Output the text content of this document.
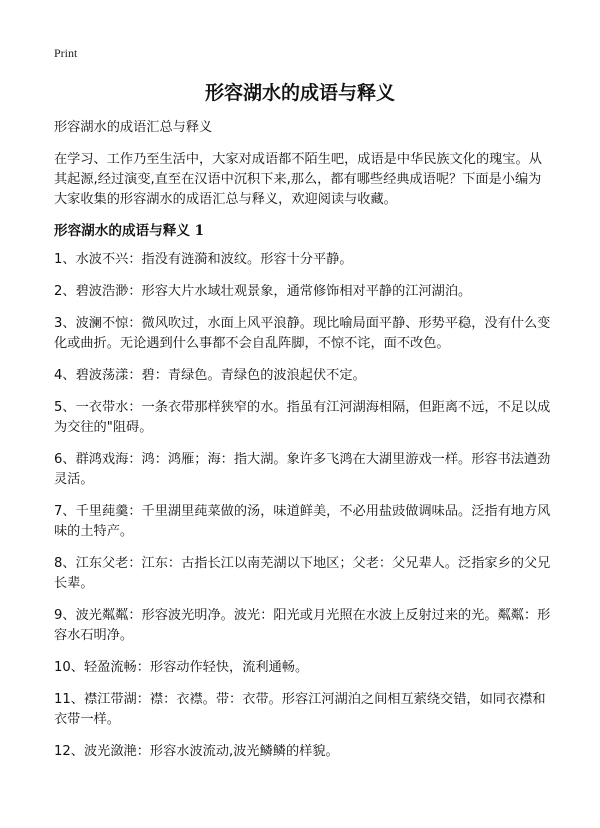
Print
形容湖水的成语与释义

形容湖水的成语汇总与释义

在学习、工作乃至生活中，大家对成语都不陌生吧，成语是中华民族文化的瑰宝。从其起源,经过演变,直至在汉语中沉积下来,那么，都有哪些经典成语呢？下面是小编为大家收集的形容湖水的成语汇总与释义，欢迎阅读与收藏。

形容湖水的成语与释义 1

1、水波不兴：指没有涟漪和波纹。形容十分平静。

2、碧波浩渺：形容大片水域壮观景象，通常修饰相对平静的江河湖泊。

3、波澜不惊：微风吹过，水面上风平浪静。现比喻局面平静、形势平稳，没有什么变化或曲折。无论遇到什么事都不会自乱阵脚，不惊不诧，面不改色。

4、碧波荡漾：碧：青绿色。青绿色的波浪起伏不定。

5、一衣带水：一条衣带那样狭窄的水。指虽有江河湖海相隔，但距离不远，不足以成为交往的"阻碍。

6、群鸿戏海：鸿：鸿雁；海：指大湖。象许多飞鸿在大湖里游戏一样。形容书法遒劲灵活。

7、千里莼羹：千里湖里莼菜做的汤，味道鲜美，不必用盐豉做调味品。泛指有地方风味的土特产。

8、江东父老：江东：古指长江以南芜湖以下地区；父老：父兄辈人。泛指家乡的父兄长辈。

9、波光粼粼：形容波光明净。波光：阳光或月光照在水波上反射过来的光。粼粼：形容水石明净。

10、轻盈流畅：形容动作轻快，流利通畅。

11、襟江带湖：襟：衣襟。带：衣带。形容江河湖泊之间相互萦绕交错，如同衣襟和衣带一样。

12、波光潋滟：形容水波流动,波光鳞鳞的样貌。
